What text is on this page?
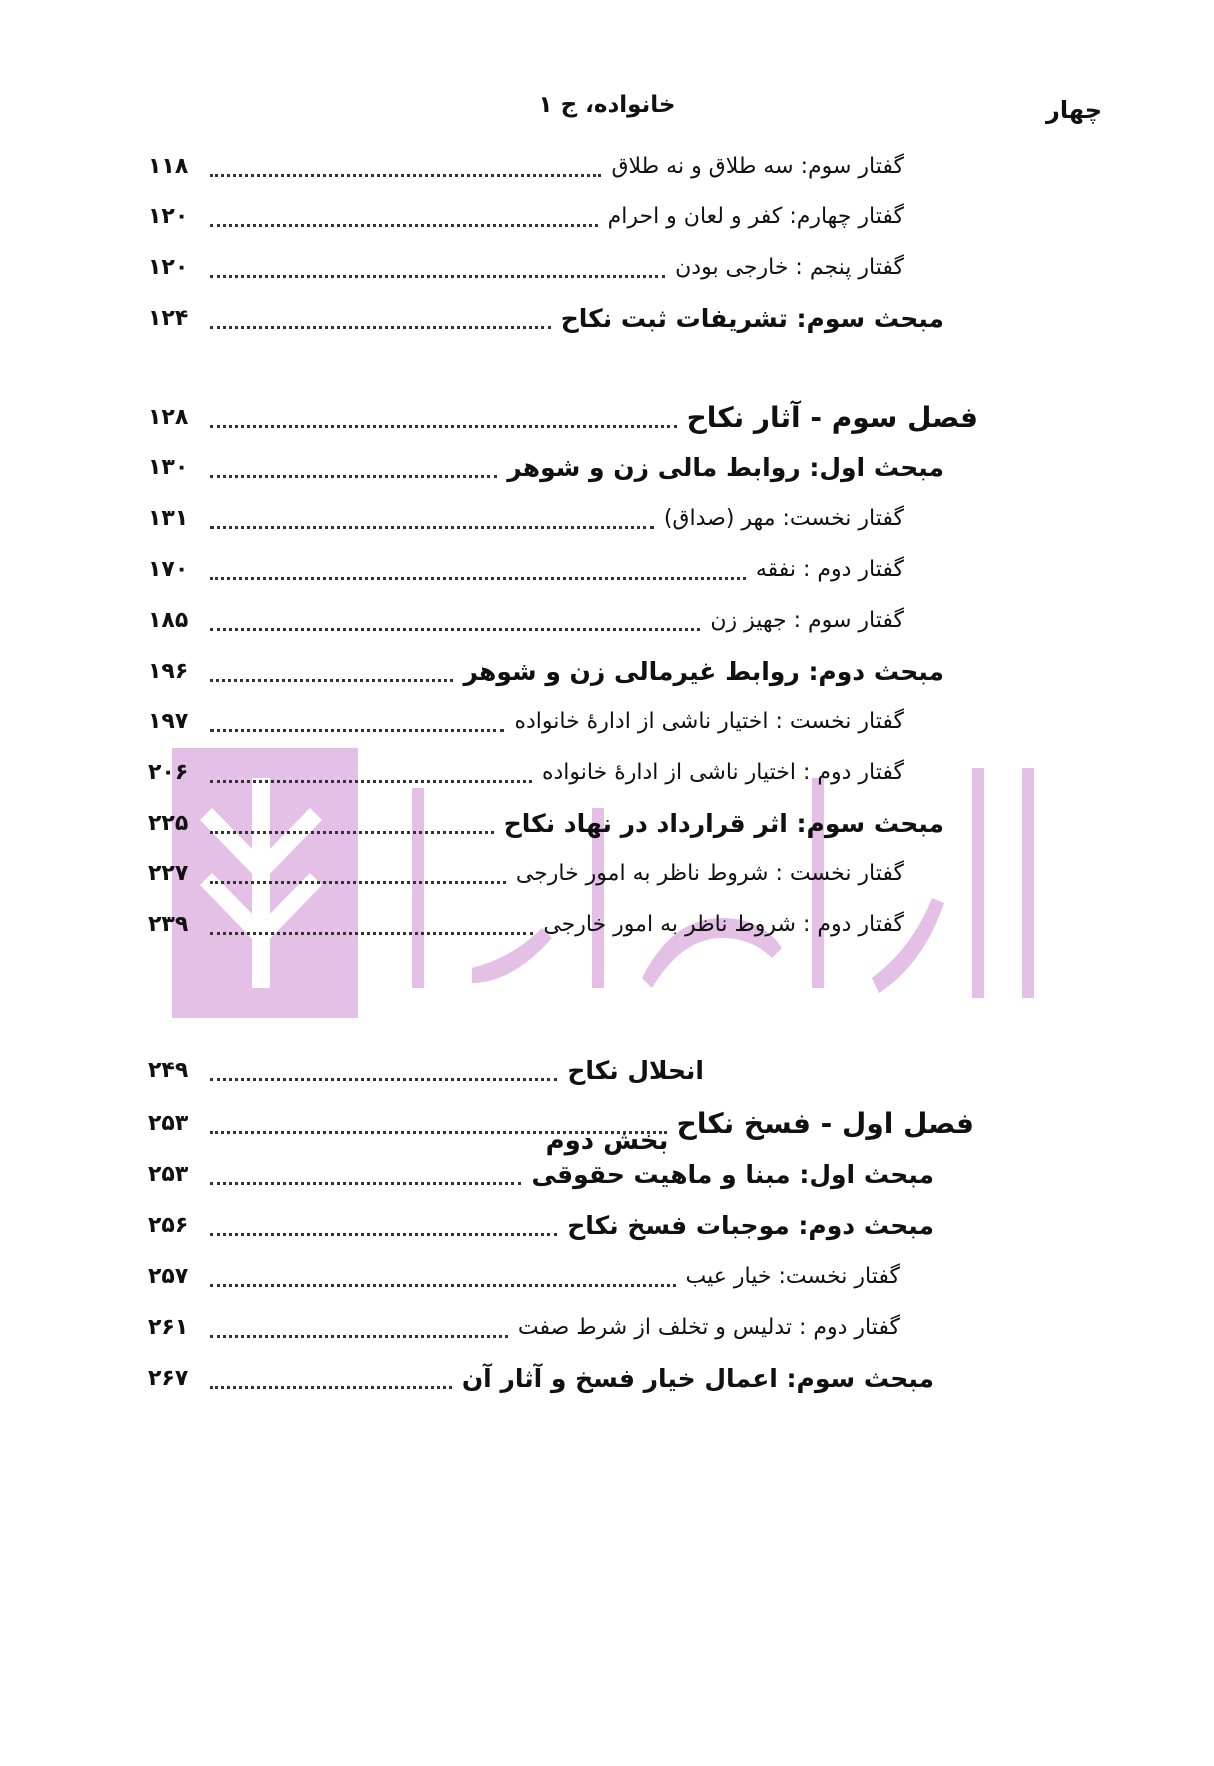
چهار
خانواده، ج ۱
۱۱۸	گفتار سوم: سه طلاق و نه طلاق
۱۲۰	گفتار چهارم: کفر و لعان و احرام
۱۲۰	گفتار پنجم : خارجی بودن
۱۲۴	مبحث سوم: تشریفات ثبت نکاح
۱۲۸	فصل سوم - آثار نکاح
۱۳۰	مبحث اول: روابط مالی زن و شوهر
۱۳۱	گفتار نخست: مهر (صداق)
۱۷۰	گفتار دوم : نفقه
۱۸۵	گفتار سوم : جهیز زن
۱۹۶	مبحث دوم: روابط غیرمالی زن و شوهر
۱۹۷	گفتار نخست : اختیار ناشی از ادارهٔ خانواده
۲۰۶	گفتار دوم : اختیار ناشی از ادارهٔ خانواده
۲۲۵	مبحث سوم: اثر قرارداد در نهاد نکاح
۲۲۷	گفتار نخست : شروط ناظر به امور خارجی
۲۳۹	گفتار دوم : شروط ناظر به امور خارجی
۲۴۹	انحلال نکاح
۲۵۳	فصل اول - فسخ نکاح
۲۵۳	مبحث اول: مبنا و ماهیت حقوقی
۲۵۶	مبحث دوم: موجبات فسخ نکاح
۲۵۷	گفتار نخست: خیار عیب
۲۶۱	گفتار دوم : تدلیس و تخلف از شرط صفت
۲۶۷	مبحث سوم: اعمال خیار فسخ و آثار آن
بخش دوم
